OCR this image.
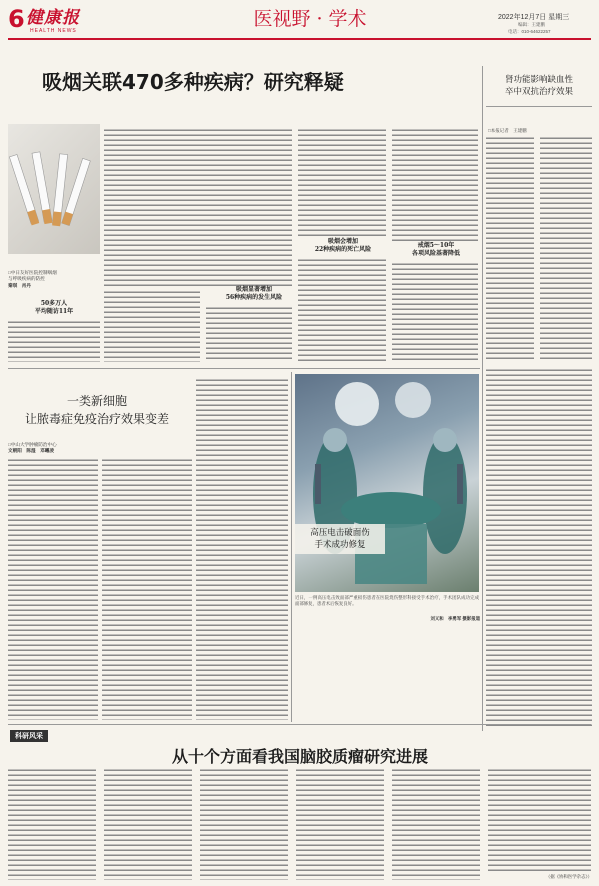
6 健康报
HEALTH NEWS
医视野 · 学术	2022年12月7日 星期三
编辑：王建鹏
电话：010-64622257
吸烟关联470多种疾病？研究释疑	肾功能影响缺血性
卒中双抗治疗效果
□本报记者　王建鹏
□中日友好医院控制咽烟
与呼吸疾病的防控
秦琪　肖丹
50多万人
平均随访11年
吸烟显著增加
56种疾病的发生风险
吸烟会增加
22种疾病的死亡风险
戒烟5～10年
各项风险基著降低
一类新细胞
让脓毒症免疫治疗效果变差
□中山大学肿瘤防治中心
文朝阳　陈湿　邓曦凌
高压电击破面伤
手术成功修复
近日，一例高压电击致面部严重损伤患者在医院烧伤整形科接受手术治疗，手术团队成功完成面部修复，患者术后恢复良好。
刘义和　李勇军 摄影报道
科研风采
从十个方面看我国脑胶质瘤研究进展
（据《协和医学杂志》）
